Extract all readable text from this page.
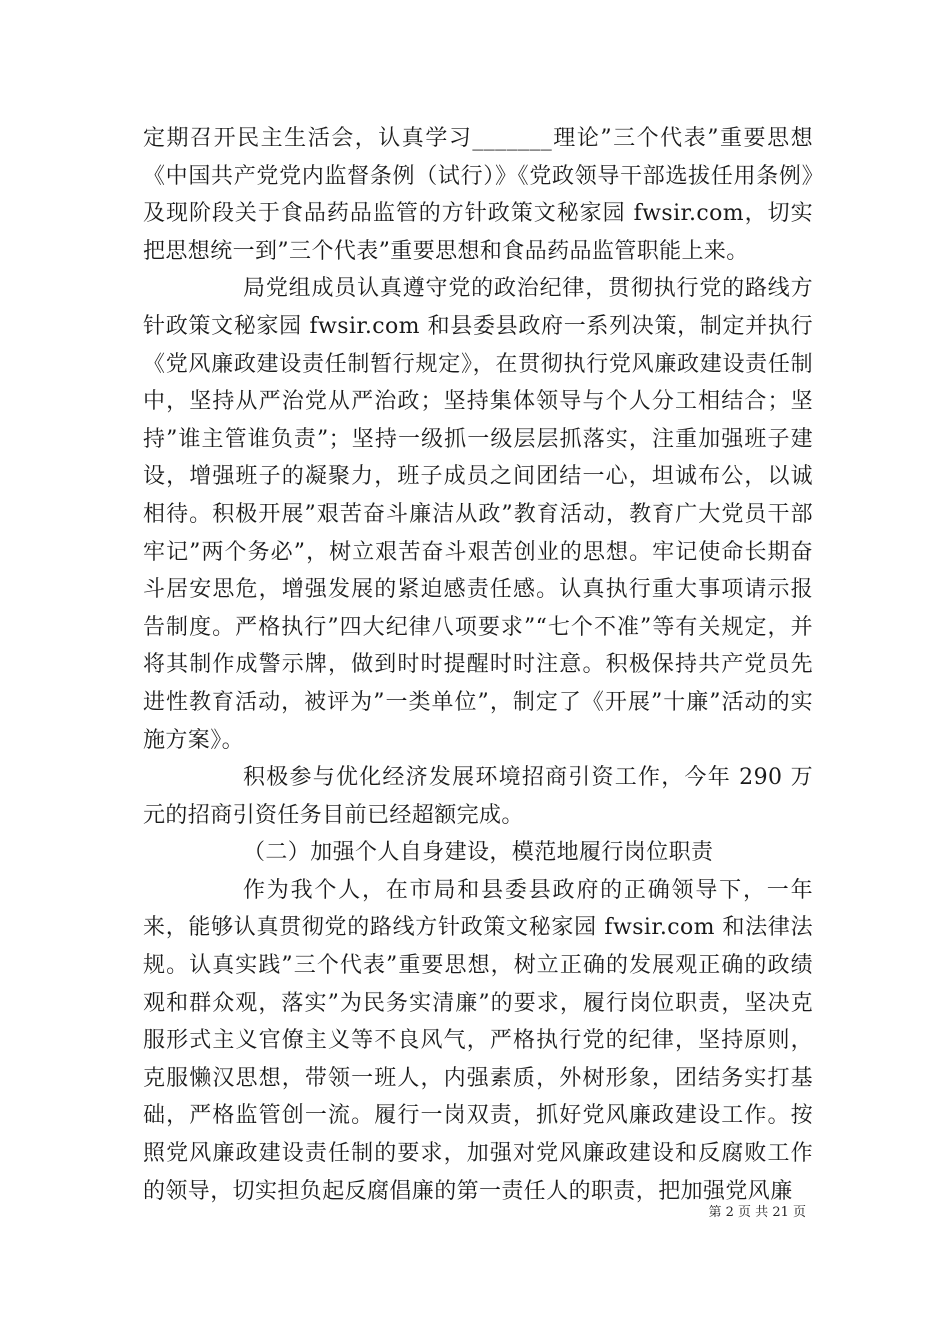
定期召开民主生活会，认真学习_______理论”三个代表”重要思想《中国共产党党内监督条例（试行）》《党政领导干部选拔任用条例》及现阶段关于食品药品监管的方针政策文秘家园 fwsir.com，切实把思想统一到”三个代表”重要思想和食品药品监管职能上来。

局党组成员认真遵守党的政治纪律，贯彻执行党的路线方针政策文秘家园 fwsir.com 和县委县政府一系列决策，制定并执行《党风廉政建设责任制暂行规定》，在贯彻执行党风廉政建设责任制中，坚持从严治党从严治政；坚持集体领导与个人分工相结合；坚持”谁主管谁负责”；坚持一级抓一级层层抓落实，注重加强班子建设，增强班子的凝聚力，班子成员之间团结一心，坦诚布公，以诚相待。积极开展”艰苦奋斗廉洁从政”教育活动，教育广大党员干部牢记”两个务必”，树立艰苦奋斗艰苦创业的思想。牢记使命长期奋斗居安思危，增强发展的紧迫感责任感。认真执行重大事项请示报告制度。严格执行”四大纪律八项要求”“七个不准”等有关规定，并将其制作成警示牌，做到时时提醒时时注意。积极保持共产党员先进性教育活动，被评为”一类单位”，制定了《开展”十廉”活动的实施方案》。

积极参与优化经济发展环境招商引资工作，今年 290 万元的招商引资任务目前已经超额完成。

（二）加强个人自身建设，模范地履行岗位职责

作为我个人，在市局和县委县政府的正确领导下，一年来，能够认真贯彻党的路线方针政策文秘家园 fwsir.com 和法律法规。认真实践”三个代表”重要思想，树立正确的发展观正确的政绩观和群众观，落实”为民务实清廉”的要求，履行岗位职责，坚决克服形式主义官僚主义等不良风气，严格执行党的纪律，坚持原则，克服懒汉思想，带领一班人，内强素质，外树形象，团结务实打基础，严格监管创一流。履行一岗双责，抓好党风廉政建设工作。按照党风廉政建设责任制的要求，加强对党风廉政建设和反腐败工作的领导，切实担负起反腐倡廉的第一责任人的职责，把加强党风廉

第 2 页 共 21 页
